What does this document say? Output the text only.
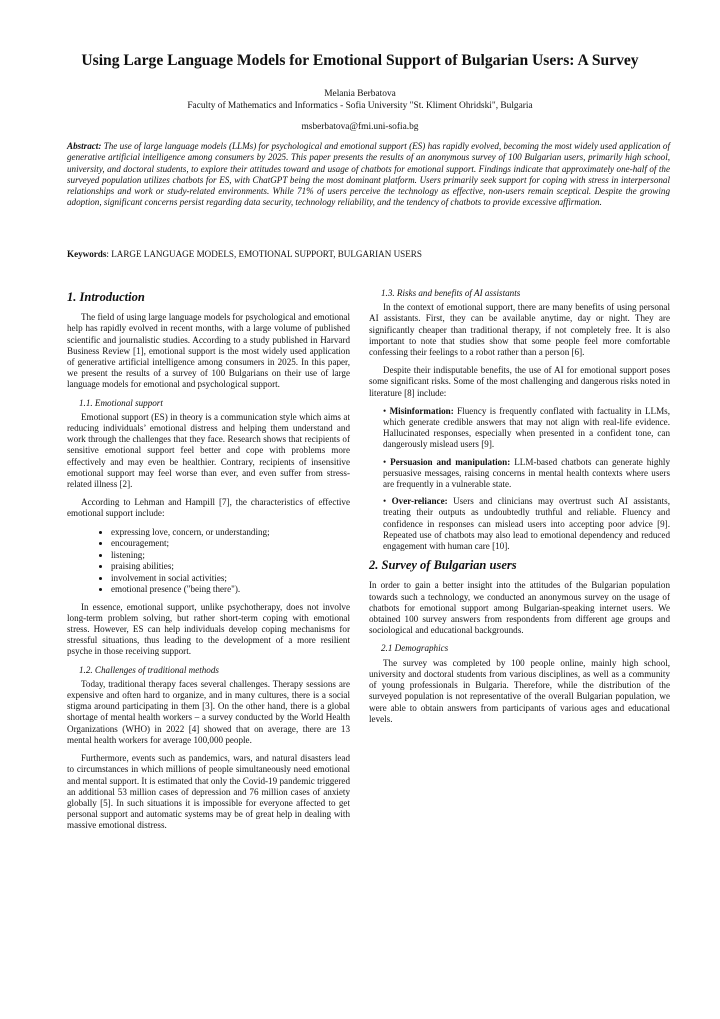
Using Large Language Models for Emotional Support of Bulgarian Users: A Survey
Melania Berbatova
Faculty of Mathematics and Informatics - Sofia University "St. Kliment Ohridski", Bulgaria
msberbatova@fmi.uni-sofia.bg
Abstract: The use of large language models (LLMs) for psychological and emotional support (ES) has rapidly evolved, becoming the most widely used application of generative artificial intelligence among consumers by 2025. This paper presents the results of an anonymous survey of 100 Bulgarian users, primarily high school, university, and doctoral students, to explore their attitudes toward and usage of chatbots for emotional support. Findings indicate that approximately one-half of the surveyed population utilizes chatbots for ES, with ChatGPT being the most dominant platform. Users primarily seek support for coping with stress in interpersonal relationships and work or study-related environments. While 71% of users perceive the technology as effective, non-users remain sceptical. Despite the growing adoption, significant concerns persist regarding data security, technology reliability, and the tendency of chatbots to provide excessive affirmation.
Keywords: LARGE LANGUAGE MODELS, EMOTIONAL SUPPORT, BULGARIAN USERS
1. Introduction

The field of using large language models for psychological and emotional help has rapidly evolved in recent months, with a large volume of published scientific and journalistic studies. According to a study published in Harvard Business Review [1], emotional support is the most widely used application of generative artificial intelligence among consumers in 2025. In this paper, we present the results of a survey of 100 Bulgarians on their use of large language models for emotional and psychological support.

1.1. Emotional support

Emotional support (ES) in theory is a communication style which aims at reducing individuals’ emotional distress and helping them understand and work through the challenges that they face. Research shows that recipients of sensitive emotional support feel better and cope with problems more effectively and may even be healthier. Contrary, recipients of insensitive emotional support may feel worse than ever, and even suffer from stress-related illness [2].

According to Lehman and Hampill [7], the characteristics of effective emotional support include:

• expressing love, concern, or understanding;
• encouragement;
• listening;
• praising abilities;
• involvement in social activities;
• emotional presence ("being there").

In essence, emotional support, unlike psychotherapy, does not involve long-term problem solving, but rather short-term coping with emotional stress. However, ES can help individuals develop coping mechanisms for stressful situations, thus leading to the development of a more resilient psyche in those receiving support.

1.2. Challenges of traditional methods

Today, traditional therapy faces several challenges. Therapy sessions are expensive and often hard to organize, and in many cultures, there is a social stigma around participating in them [3]. On the other hand, there is a global shortage of mental health workers – a survey conducted by the World Health Organizations (WHO) in 2022 [4] showed that on average, there are 13 mental health workers for average 100,000 people.

Furthermore, events such as pandemics, wars, and natural disasters lead to circumstances in which millions of people simultaneously need emotional and mental support. It is estimated that only the Covid-19 pandemic triggered an additional 53 million cases of depression and 76 million cases of anxiety globally [5]. In such situations it is impossible for everyone affected to get personal support and automatic systems may be of great help in dealing with massive emotional distress.

1.3. Risks and benefits of AI assistants

In the context of emotional support, there are many benefits of using personal AI assistants. First, they can be available anytime, day or night. They are significantly cheaper than traditional therapy, if not completely free. It is also important to note that studies show that some people feel more comfortable confessing their feelings to a robot rather than a person [6].

Despite their indisputable benefits, the use of AI for emotional support poses some significant risks. Some of the most challenging and dangerous risks noted in literature [8] include:

• Misinformation: Fluency is frequently conflated with factuality in LLMs, which generate credible answers that may not align with real-life evidence. Hallucinated responses, especially when presented in a confident tone, can dangerously mislead users [9].
• Persuasion and manipulation: LLM-based chatbots can generate highly persuasive messages, raising concerns in mental health contexts where users are frequently in a vulnerable state.
• Over-reliance: Users and clinicians may overtrust such AI assistants, treating their outputs as undoubtedly truthful and reliable. Fluency and confidence in responses can mislead users into accepting poor advice [9]. Repeated use of chatbots may also lead to emotional dependency and reduced engagement with human care [10].
2. Survey of Bulgarian users

In order to gain a better insight into the attitudes of the Bulgarian population towards such a technology, we conducted an anonymous survey on the usage of chatbots for emotional support among Bulgarian-speaking internet users. We obtained 100 survey answers from respondents from different age groups and sociological and educational backgrounds.

2.1 Demographics

The survey was completed by 100 people online, mainly high school, university and doctoral students from various disciplines, as well as a community of young professionals in Bulgaria. Therefore, while the distribution of the surveyed population is not representative of the overall Bulgarian population, we were able to obtain answers from participants of various ages and educational levels.
